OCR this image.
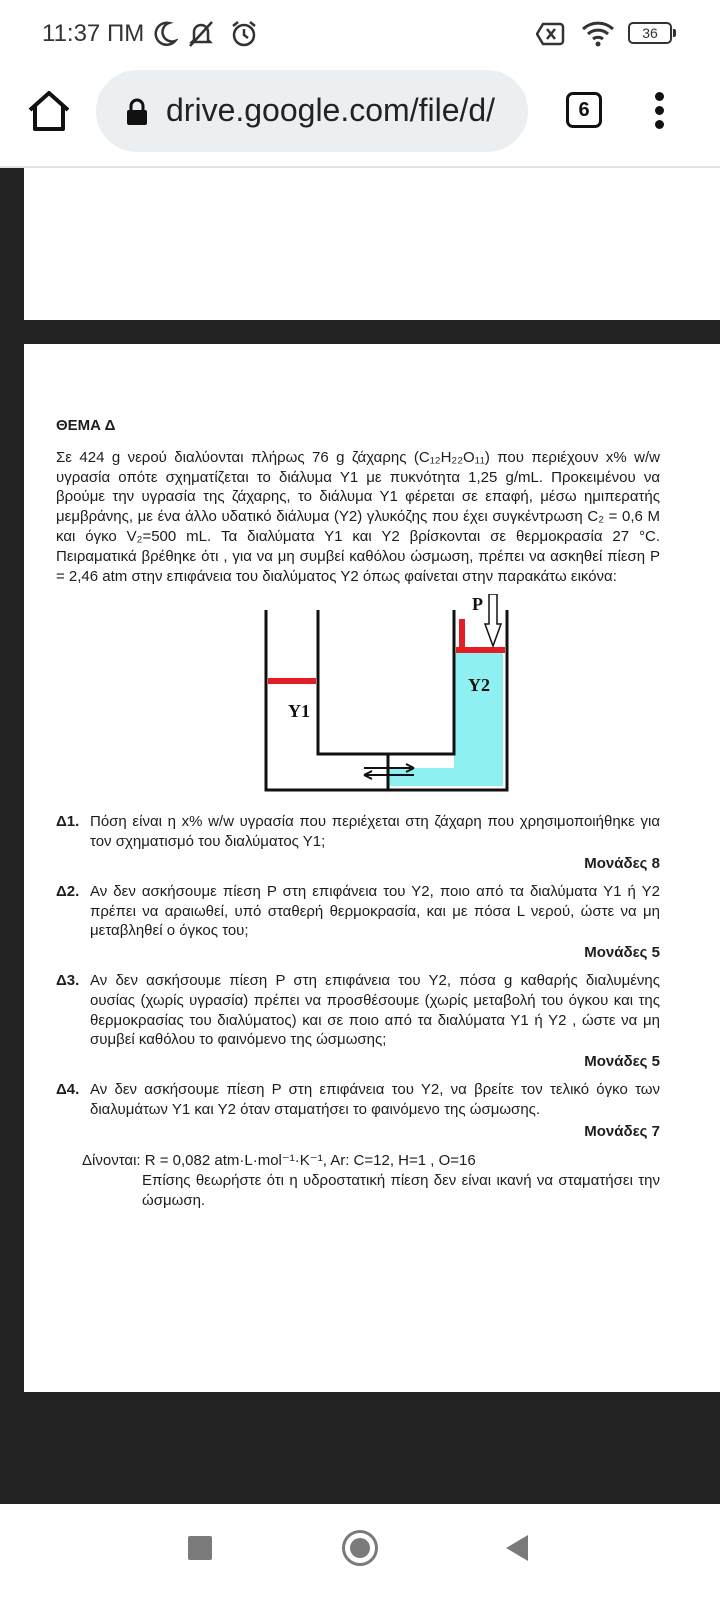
11:37 ΠΜ	36
drive.google.com/file/d/	6
ΘΕΜΑ Δ
Σε 424 g νερού διαλύονται πλήρως 76 g ζάχαρης (C₁₂H₂₂O₁₁) που περιέχουν x% w/w υγρασία οπότε σχηματίζεται το διάλυμα Υ1 με πυκνότητα 1,25 g/mL. Προκειμένου να βρούμε την υγρασία της ζάχαρης, το διάλυμα Υ1 φέρεται σε επαφή, μέσω ημιπερατής μεμβράνης, με ένα άλλο υδατικό διάλυμα (Υ2) γλυκόζης που έχει συγκέντρωση C₂ = 0,6 M και όγκο V₂=500 mL. Τα διαλύματα Υ1 και Υ2 βρίσκονται σε θερμοκρασία 27 °C. Πειραματικά βρέθηκε ότι , για να μη συμβεί καθόλου ώσμωση, πρέπει να ασκηθεί πίεση P = 2,46 atm στην επιφάνεια του διαλύματος Υ2 όπως φαίνεται στην παρακάτω εικόνα:
Υ1
Υ2
P
Δ1. Πόση είναι η x% w/w υγρασία που περιέχεται στη ζάχαρη που χρησιμοποιήθηκε για τον σχηματισμό του διαλύματος Υ1;
Μονάδες 8
Δ2. Αν δεν ασκήσουμε πίεση P στη επιφάνεια του Υ2, ποιο από τα διαλύματα Υ1 ή Υ2 πρέπει να αραιωθεί, υπό σταθερή θερμοκρασία, και με πόσα L νερού, ώστε να μη μεταβληθεί ο όγκος του;
Μονάδες 5
Δ3. Αν δεν ασκήσουμε πίεση P στη επιφάνεια του Υ2, πόσα g καθαρής διαλυμένης ουσίας (χωρίς υγρασία) πρέπει να προσθέσουμε (χωρίς μεταβολή του όγκου και της θερμοκρασίας του διαλύματος) και σε ποιο από τα διαλύματα Υ1 ή Υ2 , ώστε να μη συμβεί καθόλου το φαινόμενο της ώσμωσης;
Μονάδες 5
Δ4. Αν δεν ασκήσουμε πίεση P στη επιφάνεια του Υ2, να βρείτε τον τελικό όγκο των διαλυμάτων Υ1 και Υ2 όταν σταματήσει το φαινόμενο της ώσμωσης.
Μονάδες 7
Δίνονται: R = 0,082 atm·L·mol⁻¹·K⁻¹, Ar: C=12, H=1 , O=16
Επίσης θεωρήστε ότι η υδροστατική πίεση δεν είναι ικανή να σταματήσει την ώσμωση.
